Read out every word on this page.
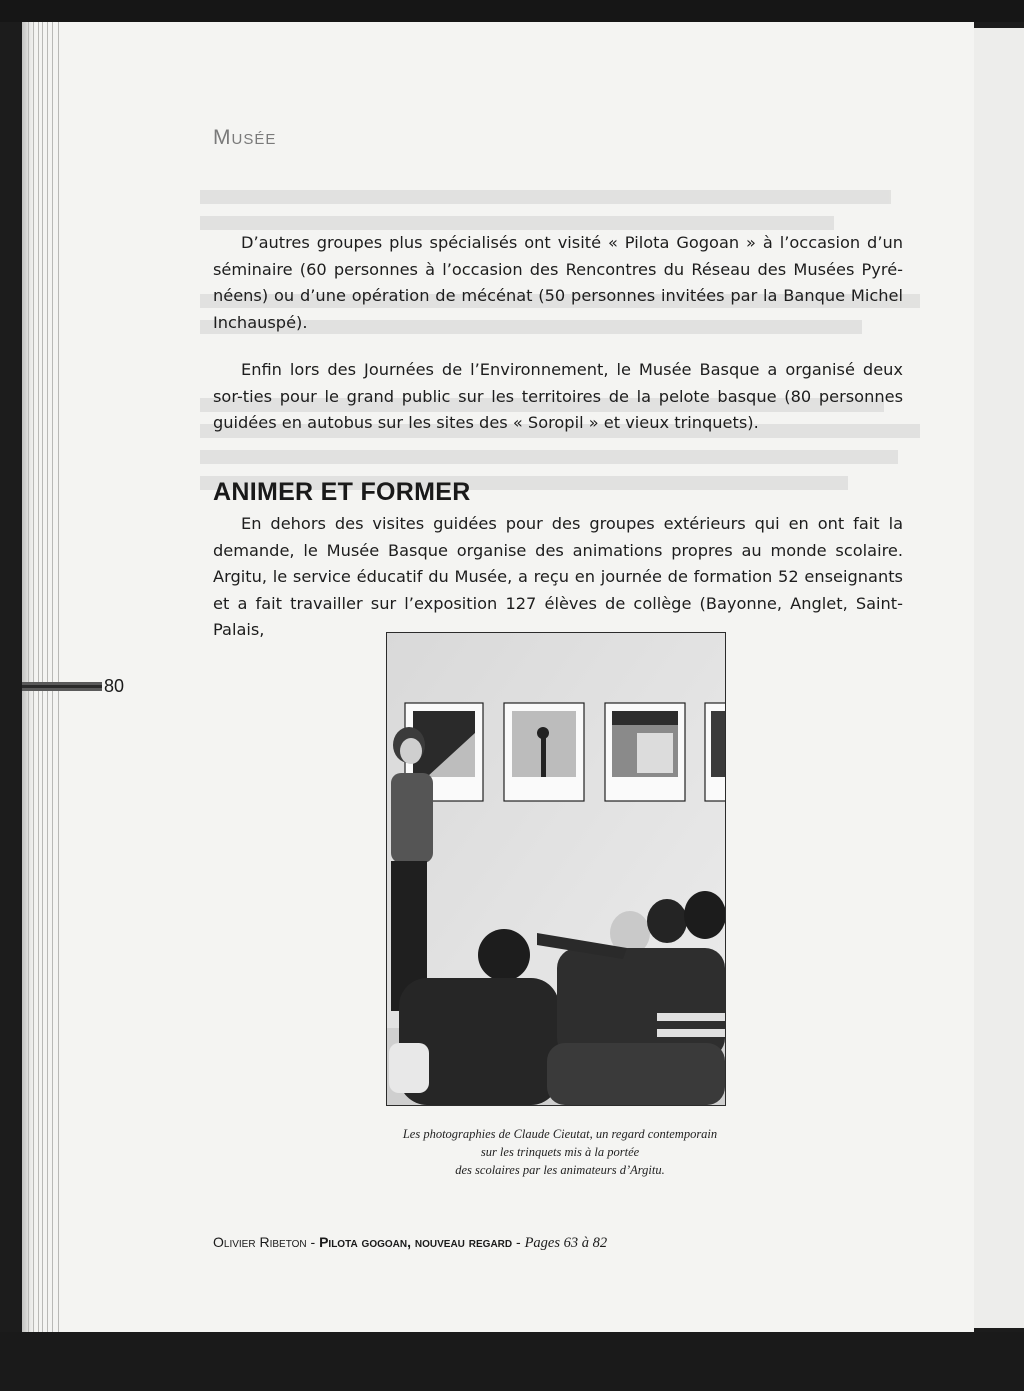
Musée

D’autres groupes plus spécialisés ont visité « Pilota Gogoan » à l’occasion d’un séminaire (60 personnes à l’occasion des Rencontres du Réseau des Musées Pyré-néens) ou d’une opération de mécénat (50 personnes invitées par la Banque Michel Inchauspé).

Enfin lors des Journées de l’Environnement, le Musée Basque a organisé deux sor-ties pour le grand public sur les territoires de la pelote basque (80 personnes guidées en autobus sur les sites des « Soropil » et vieux trinquets).

ANIMER ET FORMER

En dehors des visites guidées pour des groupes extérieurs qui en ont fait la demande, le Musée Basque organise des animations propres au monde scolaire. Argitu, le service éducatif du Musée, a reçu en journée de formation 52 enseignants et a fait travailler sur l’exposition 127 élèves de collège (Bayonne, Anglet, Saint-Palais,

80

Les photographies de Claude Cieutat, un regard contemporain
sur les trinquets mis à la portée
des scolaires par les animateurs d’Argitu.

Olivier Ribeton - Pilota gogoan, nouveau regard - Pages 63 à 82
